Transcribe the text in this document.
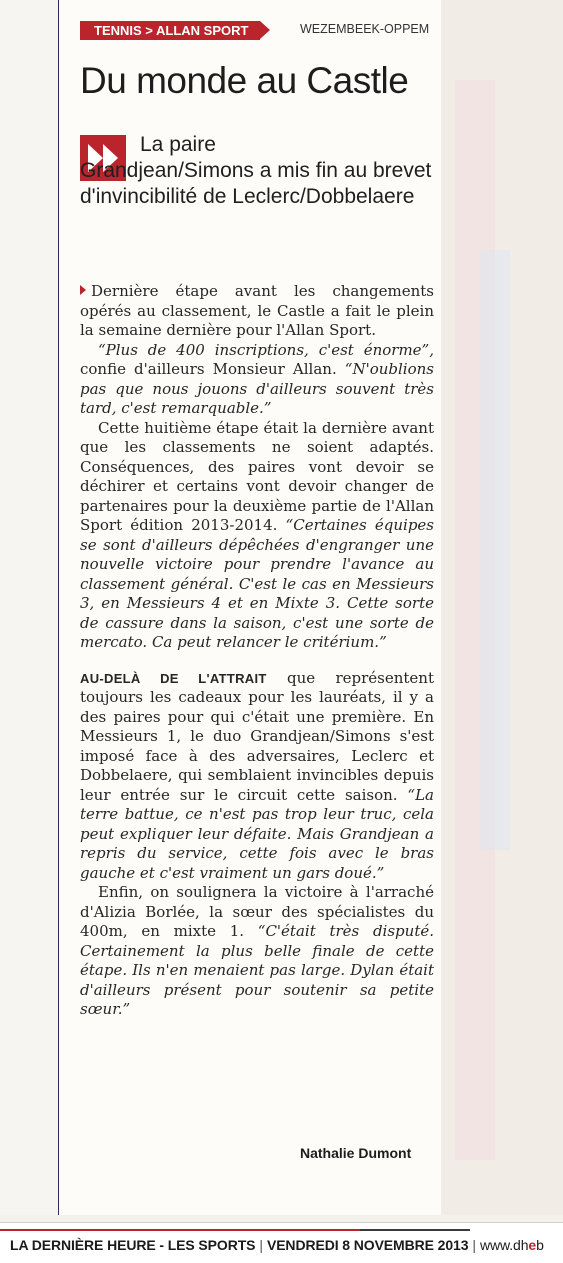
TENNIS > ALLAN SPORT	WEZEMBEEK-OPPEM
Du monde au Castle
La paire

Grandjean/Simons a mis fin au brevet d'invincibilité de Leclerc/Dobbelaere

Dernière étape avant les changements opérés au classement, le Castle a fait le plein la semaine dernière pour l'Allan Sport.

“Plus de 400 inscriptions, c'est énorme”, confie d'ailleurs Monsieur Allan. “N'oublions pas que nous jouons d'ailleurs souvent très tard, c'est remarquable.”

Cette huitième étape était la dernière avant que les classements ne soient adaptés. Conséquences, des paires vont devoir se déchirer et certains vont devoir changer de partenaires pour la deuxième partie de l'Allan Sport édition 2013-2014. “Certaines équipes se sont d'ailleurs dépêchées d'engranger une nouvelle victoire pour prendre l'avance au classement général. C'est le cas en Messieurs 3, en Messieurs 4 et en Mixte 3. Cette sorte de cassure dans la saison, c'est une sorte de mercato. Ca peut relancer le critérium.”

AU-DELÀ DE L'ATTRAIT que représentent toujours les cadeaux pour les lauréats, il y a des paires pour qui c'était une première. En Messieurs 1, le duo Grandjean/Simons s'est imposé face à des adversaires, Leclerc et Dobbelaere, qui semblaient invincibles depuis leur entrée sur le circuit cette saison. “La terre battue, ce n'est pas trop leur truc, cela peut expliquer leur défaite. Mais Grandjean a repris du service, cette fois avec le bras gauche et c'est vraiment un gars doué.”

Enfin, on soulignera la victoire à l'arraché d'Alizia Borlée, la sœur des spécialistes du 400m, en mixte 1. “C'était très disputé. Certainement la plus belle finale de cette étape. Ils n'en menaient pas large. Dylan était d'ailleurs présent pour soutenir sa petite sœur.”

Nathalie Dumont
LA DERNIÈRE HEURE - LES SPORTS | VENDREDI 8 NOVEMBRE 2013 | www.dheb
